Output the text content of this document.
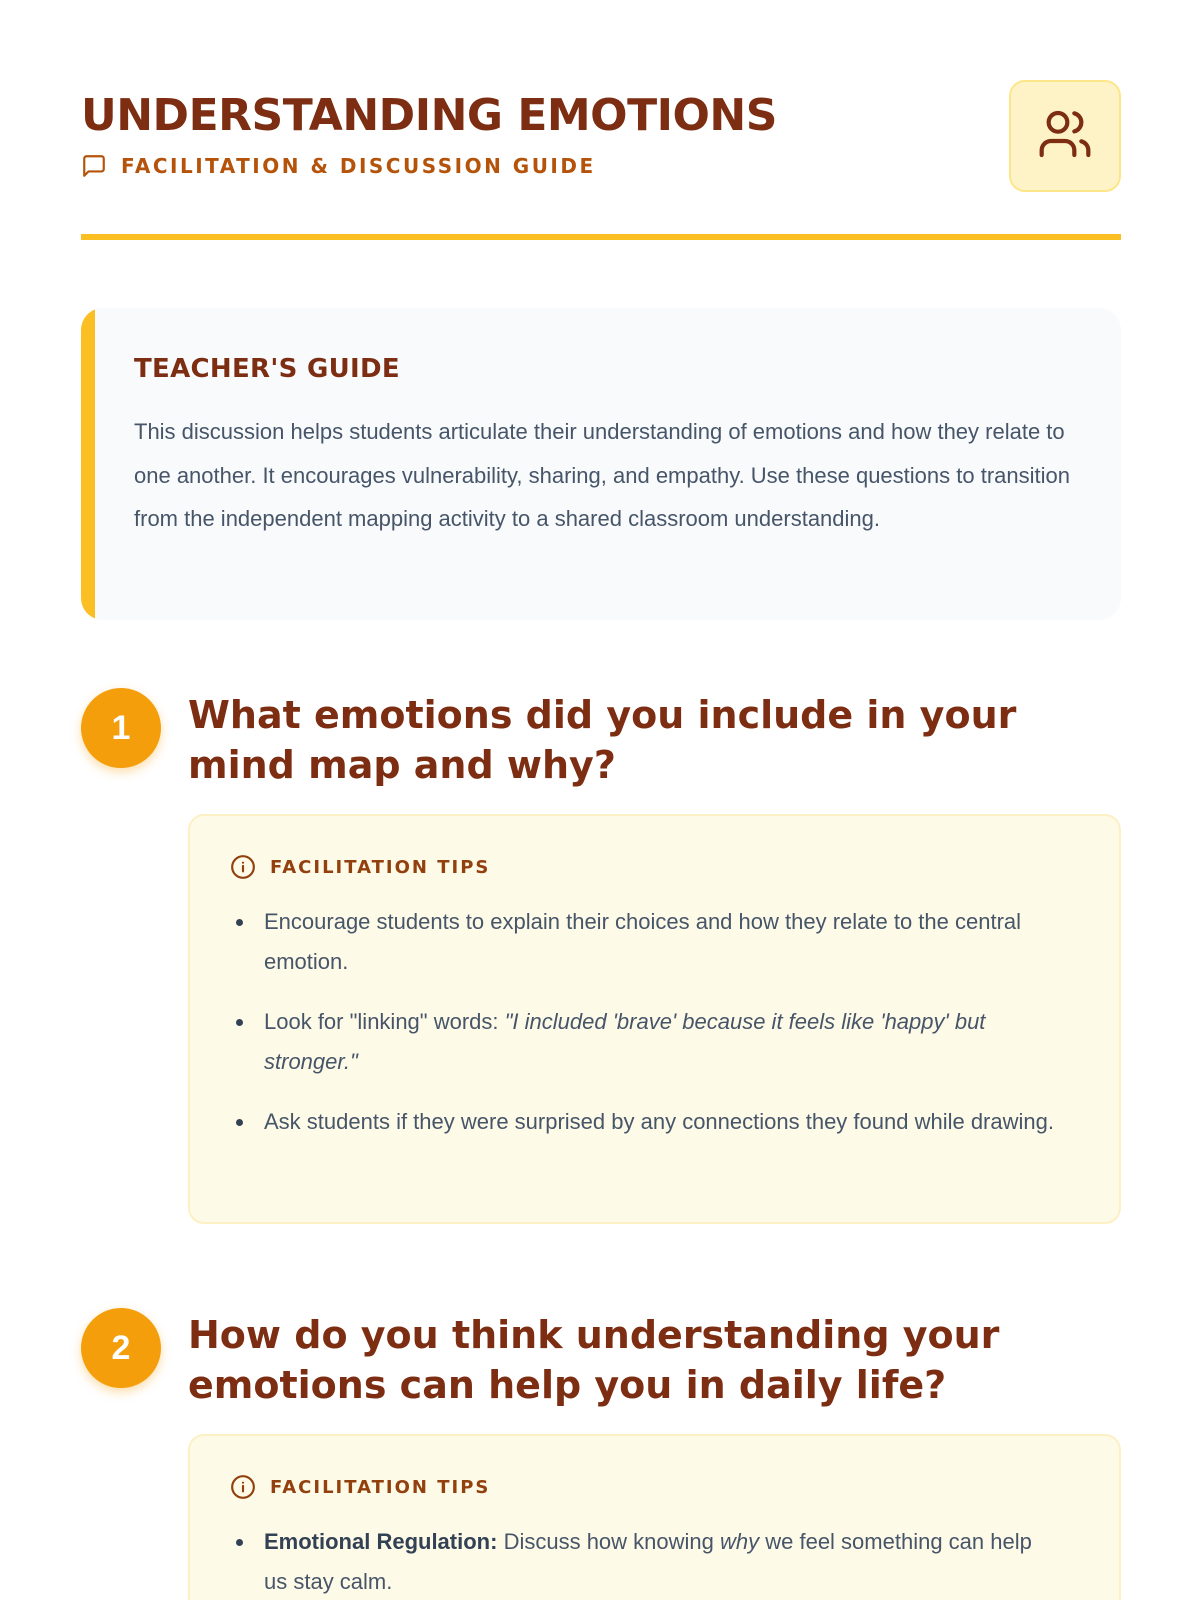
UNDERSTANDING EMOTIONS
FACILITATION & DISCUSSION GUIDE
TEACHER'S GUIDE

This discussion helps students articulate their understanding of emotions and how they relate to one another. It encourages vulnerability, sharing, and empathy. Use these questions to transition from the independent mapping activity to a shared classroom understanding.

1	What emotions did you include in your mind map and why?
FACILITATION TIPS
Encourage students to explain their choices and how they relate to the central emotion.
Look for "linking" words: "I included 'brave' because it feels like 'happy' but stronger."
Ask students if they were surprised by any connections they found while drawing.
2	How do you think understanding your emotions can help you in daily life?
FACILITATION TIPS
Emotional Regulation: Discuss how knowing why we feel something can help us stay calm.
